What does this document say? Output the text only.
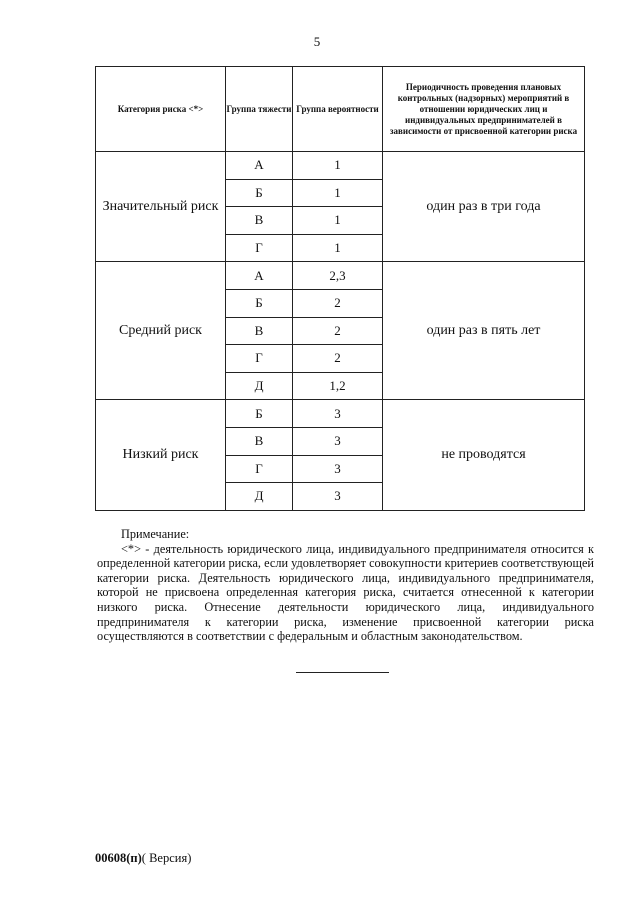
5
Категория риска <*>	Группа тяжести	Группа вероятности	Периодичность проведения плановых контрольных (надзорных) мероприятий в отношении юридических лиц и индивидуальных предпринимателей в зависимости от присвоенной категории риска
Значительный риск	А	1	один раз в три года
	Б	1	
	В	1	
	Г	1	
Средний риск	А	2,3	один раз в пять лет
	Б	2	
	В	2	
	Г	2	
	Д	1,2	
Низкий риск	Б	3	не проводятся
	В	3	
	Г	3	
	Д	3	
Примечание:
<*> - деятельность юридического лица, индивидуального предпринимателя относится к определенной категории риска, если удовлетворяет совокупности критериев соответствующей категории риска. Деятельность юридического лица, индивидуального предпринимателя, которой не присвоена определенная категория риска, считается отнесенной к категории низкого риска. Отнесение деятельности юридического лица, индивидуального предпринимателя к категории риска, изменение присвоенной категории риска осуществляются в соответствии с федеральным и областным законодательством.
00608(п)( Версия)
